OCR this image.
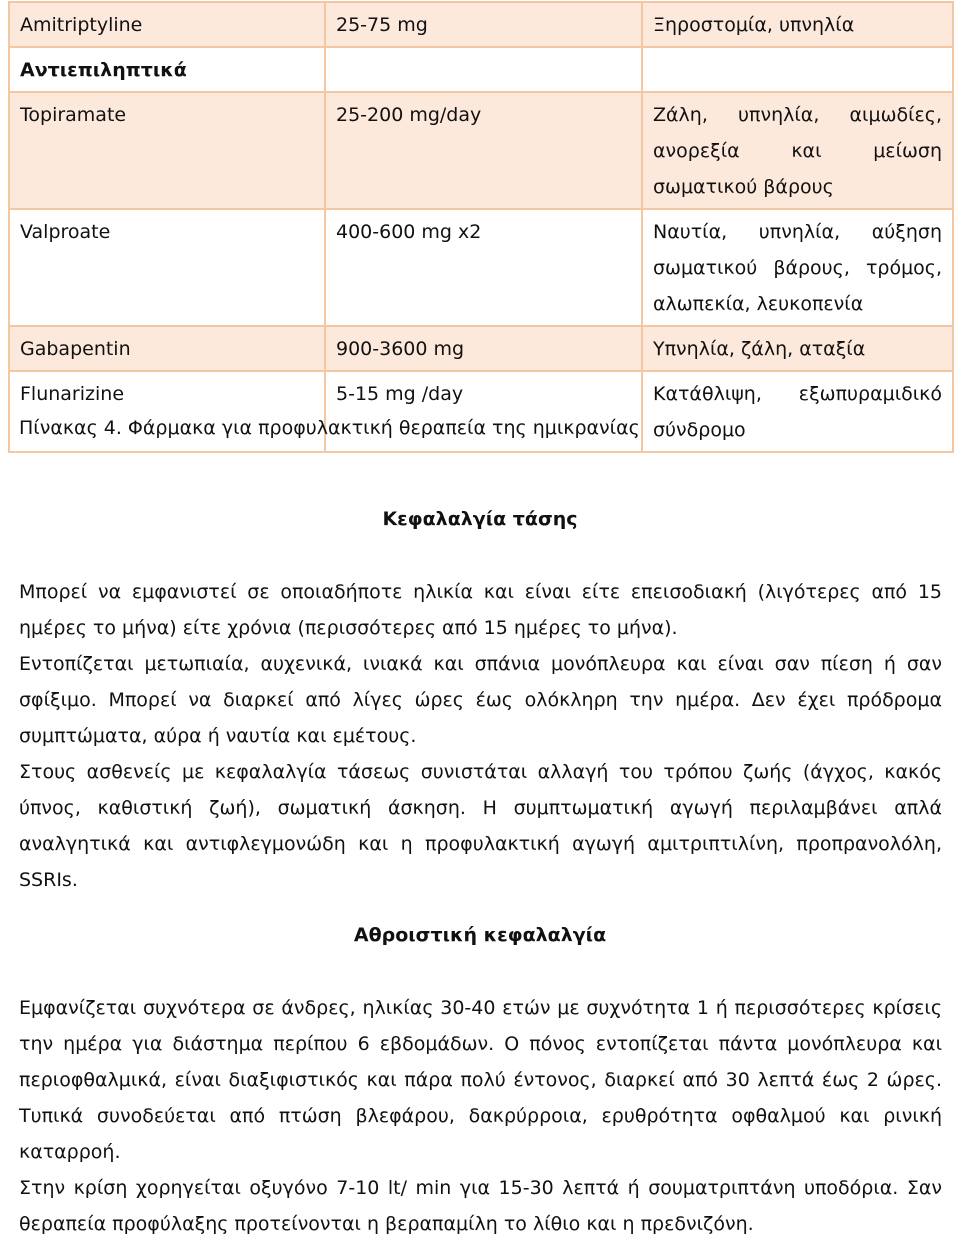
Amitriptyline	25-75 mg	Ξηροστομία, υπνηλία
Αντιεπιληπτικά		
Topiramate	25-200 mg/day	Ζάλη, υπνηλία, αιμωδίες, ανορεξία και μείωση σωματικού βάρους
Valproate	400-600 mg x2	Ναυτία, υπνηλία, αύξηση σωματικού βάρους, τρόμος, αλωπεκία, λευκοπενία
Gabapentin	900-3600 mg	Υπνηλία, ζάλη, αταξία
Flunarizine	5-15 mg /day	Κατάθλιψη, εξωπυραμιδικό σύνδρομο
Πίνακας 4. Φάρμακα για προφυλακτική θεραπεία της ημικρανίας
Κεφαλαλγία τάσης

Μπορεί να εμφανιστεί σε οποιαδήποτε ηλικία και είναι είτε επεισοδιακή (λιγότερες από 15 ημέρες το μήνα) είτε χρόνια (περισσότερες από 15 ημέρες το μήνα).

Εντοπίζεται μετωπιαία, αυχενικά, ινιακά και σπάνια μονόπλευρα και είναι σαν πίεση ή σαν σφίξιμο. Μπορεί να διαρκεί από λίγες ώρες έως ολόκληρη την ημέρα. Δεν έχει πρόδρομα συμπτώματα, αύρα ή ναυτία και εμέτους.

Στους ασθενείς με κεφαλαλγία τάσεως συνιστάται αλλαγή του τρόπου ζωής (άγχος, κακός ύπνος, καθιστική ζωή), σωματική άσκηση. Η συμπτωματική αγωγή περιλαμβάνει απλά αναλγητικά και αντιφλεγμονώδη και η προφυλακτική αγωγή αμιτριπτιλίνη, προπρανολόλη, SSRIs.

Αθροιστική κεφαλαλγία

Εμφανίζεται συχνότερα σε άνδρες, ηλικίας 30-40 ετών με συχνότητα 1 ή περισσότερες κρίσεις την ημέρα για διάστημα περίπου 6 εβδομάδων. Ο πόνος εντοπίζεται πάντα μονόπλευρα και περιοφθαλμικά, είναι διαξιφιστικός και πάρα πολύ έντονος, διαρκεί από 30 λεπτά έως 2 ώρες. Τυπικά συνοδεύεται από πτώση βλεφάρου, δακρύρροια, ερυθρότητα οφθαλμού και ρινική καταρροή.

Στην κρίση χορηγείται οξυγόνο 7-10 lt/ min για 15-30 λεπτά ή σουματριπτάνη υποδόρια. Σαν θεραπεία προφύλαξης προτείνονται η βεραπαμίλη το λίθιο και η πρεδνιζόνη.
